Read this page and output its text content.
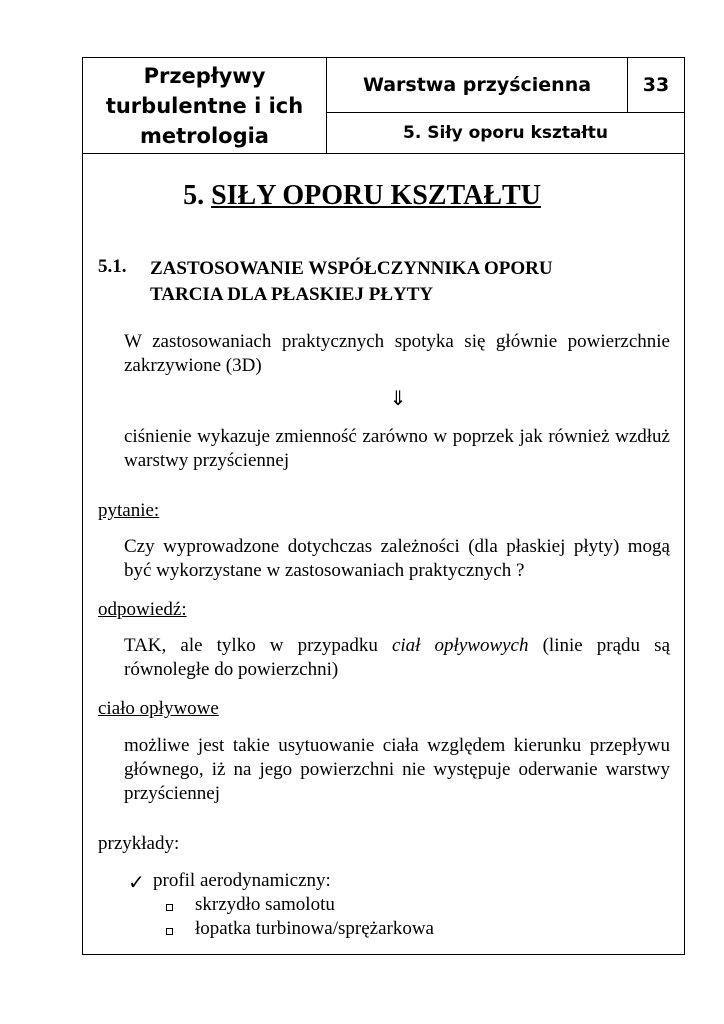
Przepływy
turbulentne i ich
metrologia
Warstwa przyścienna	33
5. Siły oporu kształtu
5. SIŁY OPORU KSZTAŁTU
5.1. ZASTOSOWANIE WSPÓŁCZYNNIKA OPORU
TARCIA DLA PŁASKIEJ PŁYTY
W zastosowaniach praktycznych spotyka się głównie powierzchnie zakrzywione (3D)
⇓
ciśnienie wykazuje zmienność zarówno w poprzek jak również wzdłuż warstwy przyściennej
pytanie:
Czy wyprowadzone dotychczas zależności (dla płaskiej płyty) mogą być wykorzystane w zastosowaniach praktycznych ?
odpowiedź:
TAK, ale tylko w przypadku ciał opływowych (linie prądu są równoległe do powierzchni)
ciało opływowe
możliwe jest takie usytuowanie ciała względem kierunku przepływu głównego, iż na jego powierzchni nie występuje oderwanie warstwy przyściennej
przykłady:
✓ profil aerodynamiczny:
skrzydło samolotu
łopatka turbinowa/sprężarkowa
